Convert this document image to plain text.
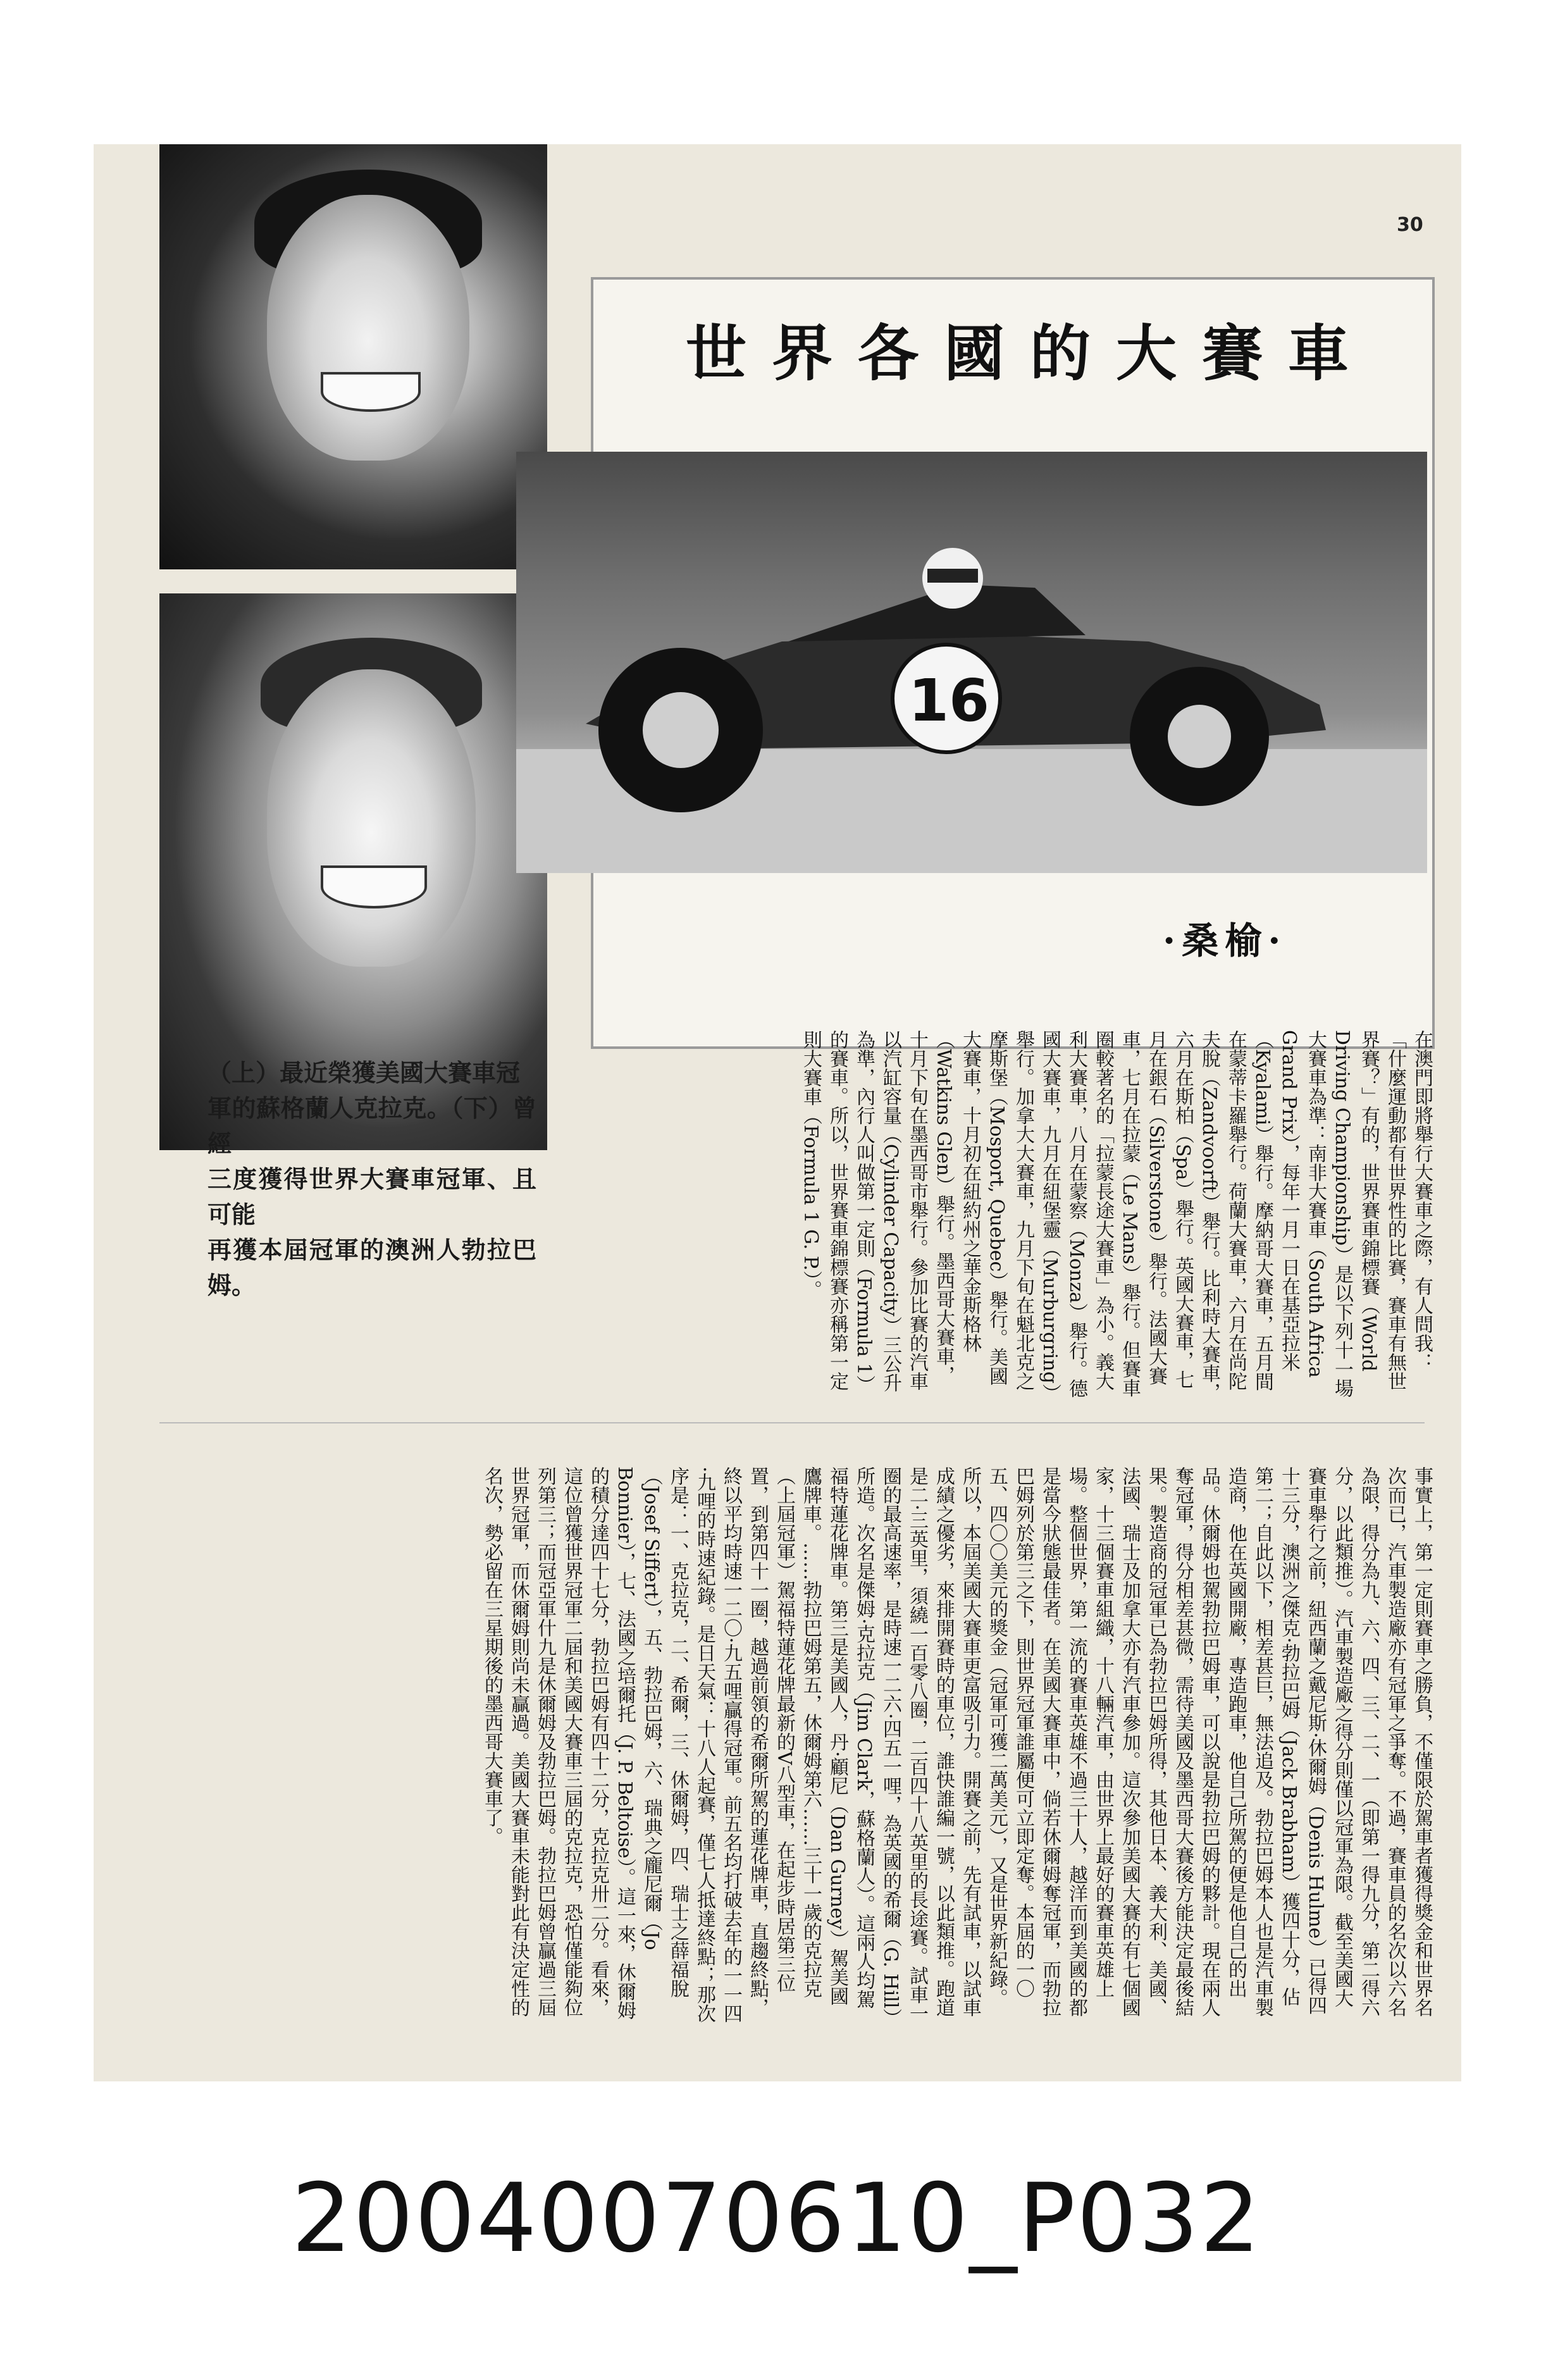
30
世界各國的大賽車
16
·桑榆·
（上）最近榮獲美國大賽車冠
軍的蘇格蘭人克拉克。（下）曾經
三度獲得世界大賽車冠軍、且可能
再獲本屆冠軍的澳洲人勃拉巴姆。	在澳門即將舉行大賽車之際，有人問我：「什麼運動都有世界性的比賽，賽車有無世界賽？」有的，世界賽車錦標賽（World Driving Championship）是以下列十一場大賽車為準：南非大賽車（South Africa Grand Prix），每年一月一日在基亞拉米（Kyalami）舉行。摩納哥大賽車，五月間在蒙蒂卡羅舉行。荷蘭大賽車，六月在尚陀夫脫（Zandvoorft）舉行。比利時大賽車，六月在斯柏（Spa）舉行。英國大賽車，七月在銀石（Silverstone）舉行。法國大賽車，七月在拉蒙（Le Mans）舉行。但賽車圈較著名的「拉蒙長途大賽車」為小。義大利大賽車，八月在蒙察（Monza）舉行。德國大賽車，九月在紐堡靈（Murburgring）舉行。加拿大大賽車，九月下旬在魁北克之摩斯堡（Mosport, Quebec）舉行。美國大賽車，十月初在紐約州之華金斯格林（Watkins Glen）舉行。墨西哥大賽車，十月下旬在墨西哥市舉行。參加比賽的汽車以汽缸容量（Cylinder Capacity）三公升為準，內行人叫做第一定則（Formula 1）的賽車。所以，世界賽車錦標賽亦稱第一定則大賽車（Formula 1 G. P.）。
事實上，第一定則賽車之勝負，不僅限於駕車者獲得獎金和世界名次而已，汽車製造廠亦有冠軍之爭奪。不過，賽車員的名次以六名為限，得分為九、六、四、三、二、一（即第一得九分，第二得六分，以此類推）。汽車製造廠之得分則僅以冠軍為限。截至美國大賽車舉行之前，紐西蘭之戴尼斯·休爾姆（Denis Hulme）已得四十三分，澳洲之傑克·勃拉巴姆（Jack Brabham）獲四十分，佔第二；自此以下，相差甚巨，無法追及。勃拉巴姆本人也是汽車製造商，他在英國開廠，專造跑車，他自己所駕的便是他自己的出品。休爾姆也駕勃拉巴姆車，可以說是勃拉巴姆的夥計。現在兩人奪冠軍，得分相差甚微，需待美國及墨西哥大賽後方能決定最後結果。製造商的冠軍已為勃拉巴姆所得，其他日本、義大利、美國、法國、瑞士及加拿大亦有汽車參加。這次參加美國大賽的有七個國家，十三個賽車組織，十八輛汽車，由世界上最好的賽車英雄上場。整個世界，第一流的賽車英雄不過三十人，越洋而到美國的都是當今狀態最佳者。在美國大賽車中，倘若休爾姆奪冠軍，而勃拉巴姆列於第三之下，則世界冠軍誰屬便可立即定奪。本屆的一〇五、四〇〇美元的獎金（冠軍可獲二萬美元），又是世界新紀錄。所以，本屆美國大賽車更富吸引力。開賽之前，先有試車，以試車成績之優劣，來排開賽時的車位，誰快誰編一號，以此類推。跑道是二·三英里，須繞一百零八圈，二百四十八英里的長途賽。試車一圈的最高速率，是時速一二六·四五一哩，為英國的希爾（G. Hill）所造。次名是傑姆·克拉克（Jim Clark，蘇格蘭人）。這兩人均駕福特蓮花牌車。第三是美國人，丹·顧尼（Dan Gurney）駕美國鷹牌車。……勃拉巴姆第五，休爾姆第六……三十一歲的克拉克（上屆冠軍）駕福特蓮花牌最新的V八型車，在起步時居第三位置，到第四十一圈，越過前領的希爾所駕的蓮花牌車，直趨終點，終以平均時速一二〇·九五哩贏得冠軍。前五名均打破去年的一一四·九哩的時速紀錄。是日天氣：十八人起賽，僅七人抵達終點；那次序是：一、克拉克，二、希爾，三、休爾姆，四、瑞士之薛福脫（Josef Siffert），五、勃拉巴姆，六、瑞典之龐尼爾（Jo Bonnier），七、法國之培爾托（J. P. Beltoise）。這一來，休爾姆的積分達四十七分，勃拉巴姆有四十二分，克拉克卅二分。看來，這位曾獲世界冠軍二屆和美國大賽車三屆的克拉克，恐怕僅能夠位列第三；而冠亞軍什九是休爾姆及勃拉巴姆。勃拉巴姆曾贏過三屆世界冠軍，而休爾姆則尚未贏過。美國大賽車未能對此有決定性的名次，勢必留在三星期後的墨西哥大賽車了。
20040070610_P032
